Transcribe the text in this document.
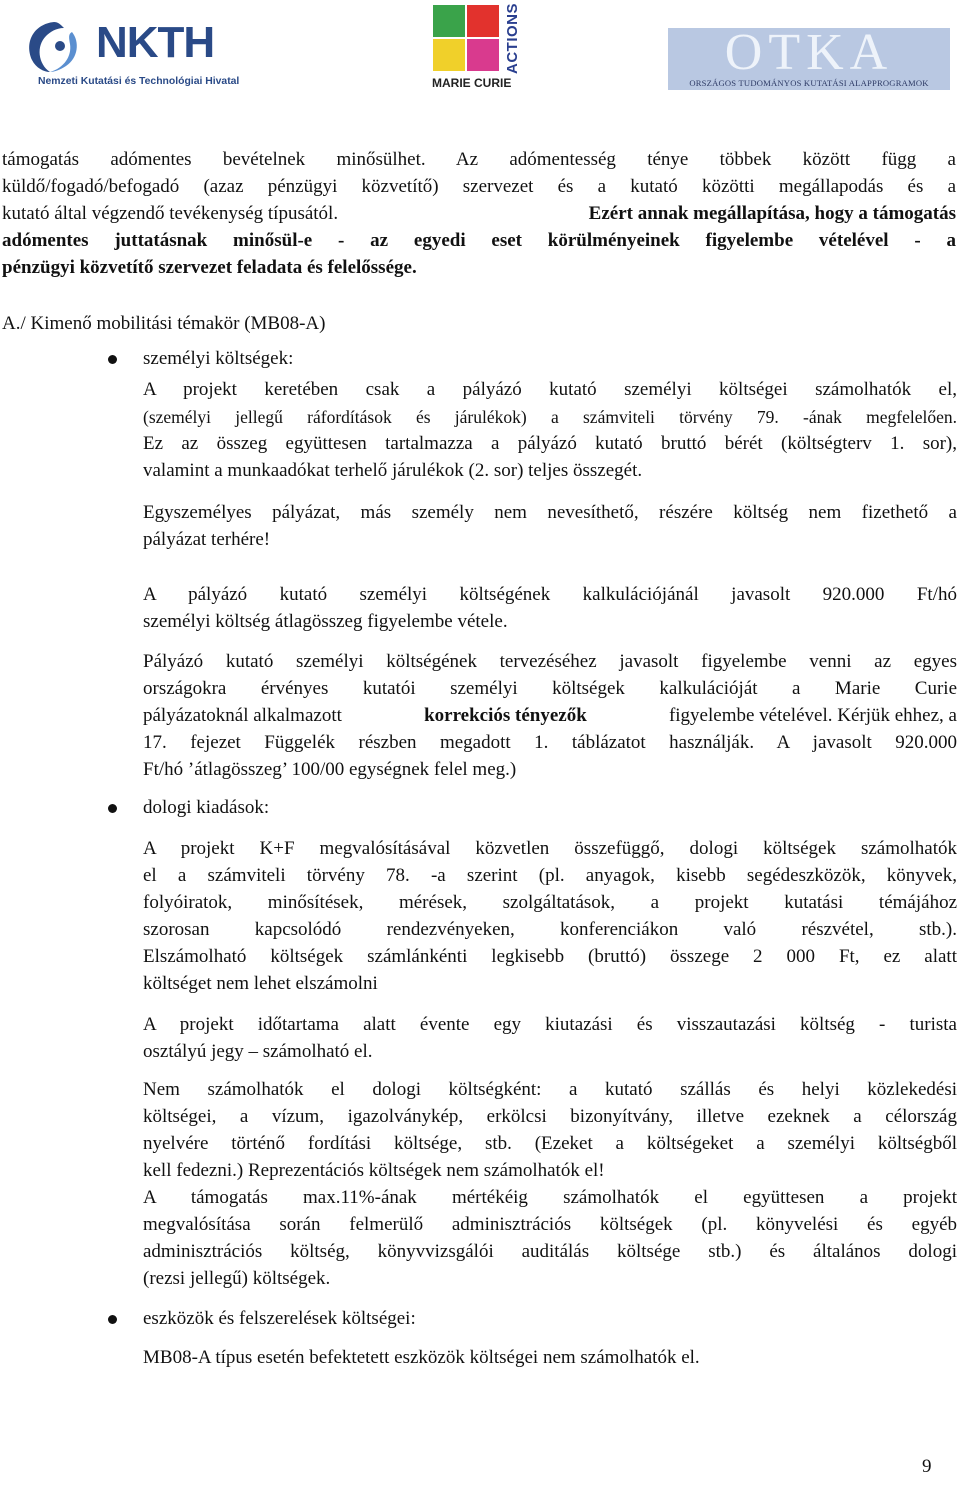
NKTH
Nemzeti Kutatási és Technológiai Hivatal
ACTIONS
MARIE CURIE
OTKA
ORSZÁGOS TUDOMÁNYOS KUTATÁSI ALAPPROGRAMOK
támogatás adómentes bevételnek minősülhet. Az adómentesség ténye többek között függ a
küldő/fogadó/befogadó (azaz pénzügyi közvetítő) szervezet és a kutató közötti megállapodás és a
kutató által végzendő tevékenység típusától.	Ezért annak megállapítása, hogy a támogatás
adómentes juttatásnak minősül-e - az egyedi eset körülményeinek figyelembe vételével - a
pénzügyi közvetítő szervezet feladata és felelőssége.
A./ Kimenő mobilitási témakör (MB08-A)
személyi költségek:
A projekt keretében csak a pályázó kutató személyi költségei számolhatók el,
(személyi jellegű ráfordítások és járulékok) a számviteli törvény 79. -ának megfelelően.
Ez az összeg együttesen tartalmazza a pályázó kutató bruttó bérét (költségterv 1. sor),
valamint a munkaadókat terhelő járulékok (2. sor) teljes összegét.
Egyszemélyes pályázat, más személy nem nevesíthető, részére költség nem fizethető a
pályázat terhére!
A pályázó kutató személyi költségének kalkulációjánál javasolt 920.000 Ft/hó
személyi költség átlagösszeg figyelembe vétele.
Pályázó kutató személyi költségének tervezéséhez javasolt figyelembe venni az egyes
országokra érvényes kutatói személyi költségek kalkulációját a Marie Curie
pályázatoknál alkalmazott	korrekciós tényezők	figyelembe vételével. Kérjük ehhez, a
17. fejezet Függelék részben megadott 1. táblázatot használják. A javasolt 920.000
Ft/hó ’átlagösszeg’ 100/00 egységnek felel meg.)
dologi kiadások:
A projekt K+F megvalósításával közvetlen összefüggő, dologi költségek számolhatók
el a számviteli törvény 78. -a szerint (pl. anyagok, kisebb segédeszközök, könyvek,
folyóiratok, minősítések, mérések, szolgáltatások, a projekt kutatási témájához
szorosan kapcsolódó rendezvényeken, konferenciákon való részvétel, stb.).
Elszámolható költségek számlánkénti legkisebb (bruttó) összege 2 000 Ft, ez alatt
költséget nem lehet elszámolni
A projekt időtartama alatt évente egy kiutazási és visszautazási költség - turista
osztályú jegy – számolható el.
Nem számolhatók el dologi költségként: a kutató szállás és helyi közlekedési
költségei, a vízum, igazolványkép, erkölcsi bizonyítvány, illetve ezeknek a célország
nyelvére történő fordítási költsége, stb. (Ezeket a költségeket a személyi költségből
kell fedezni.) Reprezentációs költségek nem számolhatók el!
A támogatás max.11%-ának mértékéig számolhatók el együttesen a projekt
megvalósítása során felmerülő adminisztrációs költségek (pl. könyvelési és egyéb
adminisztrációs költség, könyvvizsgálói auditálás költsége stb.) és általános dologi
(rezsi jellegű) költségek.
eszközök és felszerelések költségei:
MB08-A típus esetén befektetett eszközök költségei nem számolhatók el.
9
